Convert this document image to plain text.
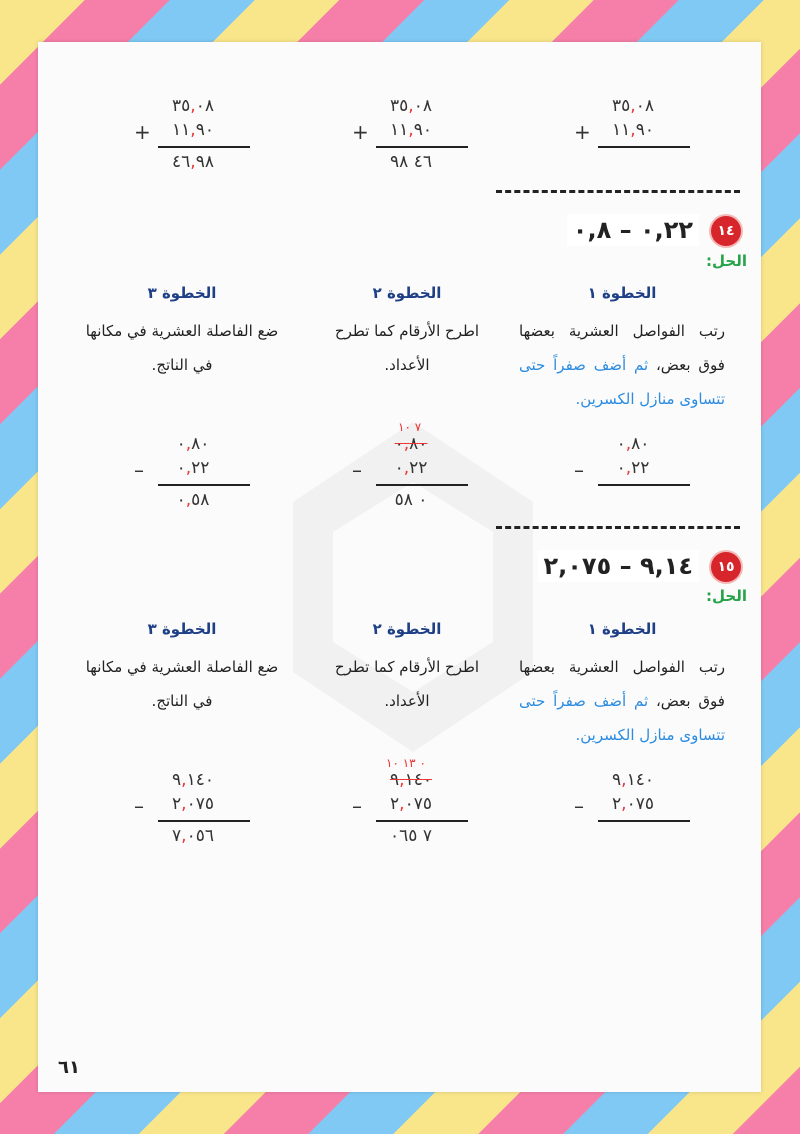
٣٥,٠٨
١١,٩٠
+
٤٦,٩٨
٣٥,٠٨
١١,٩٠
+
٤٦ ٩٨
٣٥,٠٨
١١,٩٠
+
١٤
٠,٢٢ – ٠,٨
الحل:
الخطوة ١
رتب الفواصل العشرية بعضها فوق بعض، ثم أضف صفراً حتى تتساوى منازل الكسرين.
الخطوة ٢
اطرح الأرقام كما تطرح الأعداد.
الخطوة ٣
ضع الفاصلة العشرية في مكانها في الناتج.
٠,٨٠
٠,٢٢
–
٧ ١٠
٠,٨٠
٠,٢٢
–
٠ ٥٨
٠,٨٠
٠,٢٢
–
٠,٥٨
١٥
٩,١٤ – ٢,٠٧٥
الحل:
الخطوة ١
رتب الفواصل العشرية بعضها فوق بعض، ثم أضف صفراً حتى تتساوى منازل الكسرين.
الخطوة ٢
اطرح الأرقام كما تطرح الأعداد.
الخطوة ٣
ضع الفاصلة العشرية في مكانها في الناتج.
٩,١٤٠
٢,٠٧٥
–
٠ ١٣ ١٠
٩,١٤٠
٢,٠٧٥
–
٧ ٠٦٥
٩,١٤٠
٢,٠٧٥
–
٧,٠٥٦
٦١
